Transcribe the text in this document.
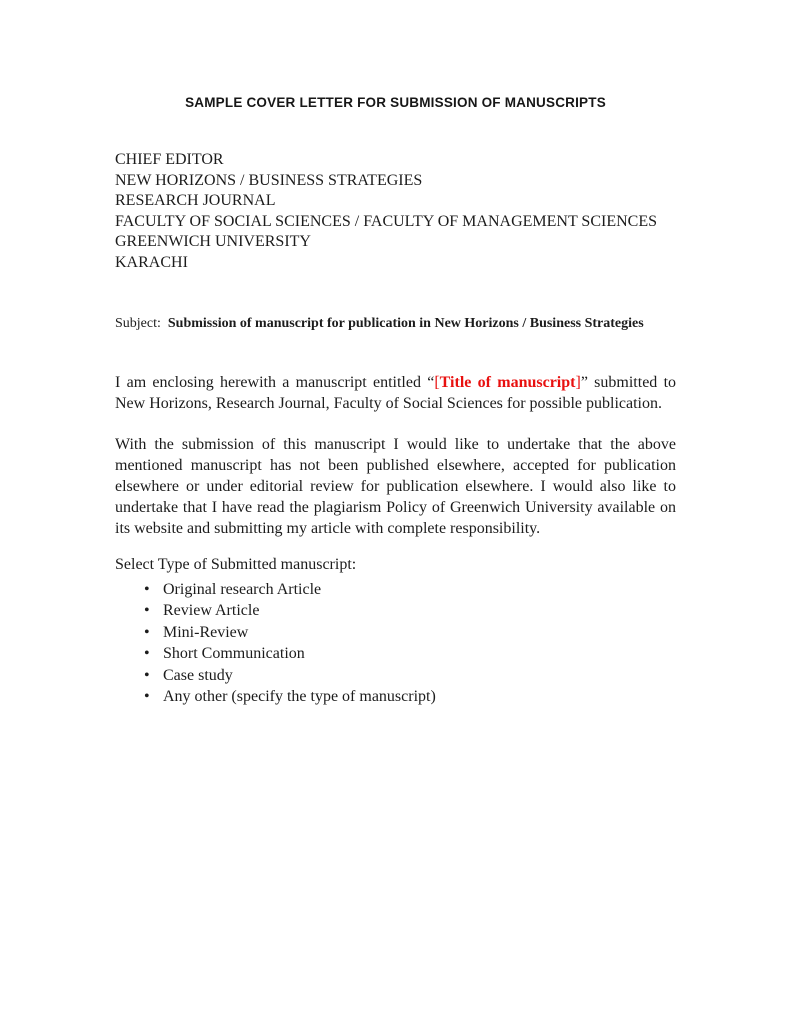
SAMPLE COVER LETTER FOR SUBMISSION OF MANUSCRIPTS
CHIEF EDITOR
NEW HORIZONS / BUSINESS STRATEGIES
RESEARCH JOURNAL
FACULTY OF SOCIAL SCIENCES / FACULTY OF MANAGEMENT SCIENCES
GREENWICH UNIVERSITY
KARACHI

Subject: Submission of manuscript for publication in New Horizons / Business Strategies

I am enclosing herewith a manuscript entitled “[Title of manuscript]” submitted to New Horizons, Research Journal, Faculty of Social Sciences for possible publication.

With the submission of this manuscript I would like to undertake that the above mentioned manuscript has not been published elsewhere, accepted for publication elsewhere or under editorial review for publication elsewhere. I would also like to undertake that I have read the plagiarism Policy of Greenwich University available on its website and submitting my article with complete responsibility.

Select Type of Submitted manuscript:

• Original research Article
• Review Article
• Mini-Review
• Short Communication
• Case study
• Any other (specify the type of manuscript)
